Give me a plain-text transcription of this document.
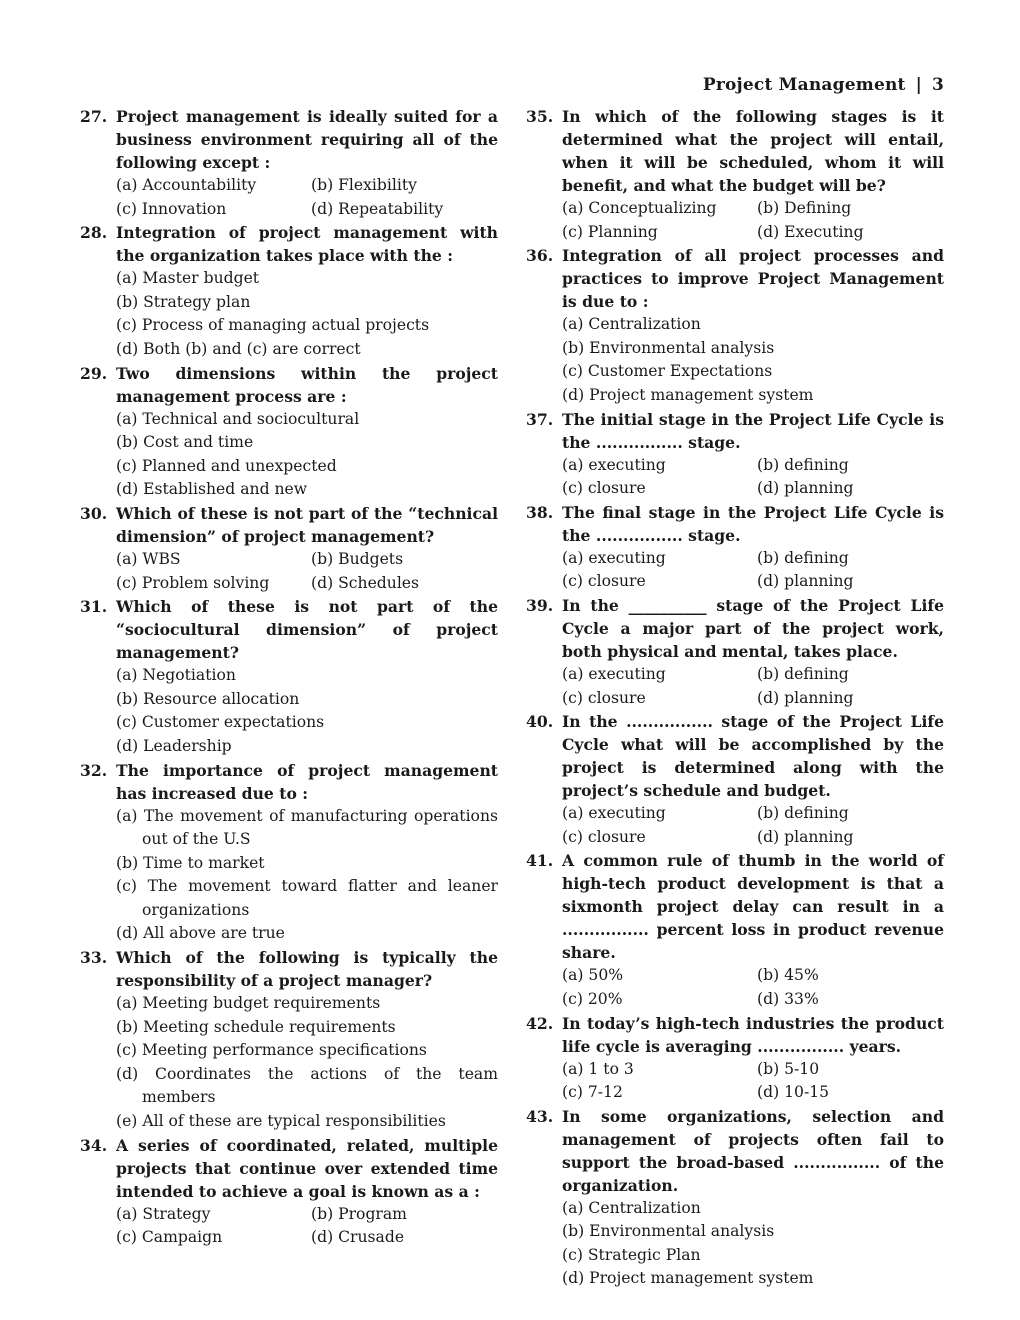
Project Management | 3
27. Project management is ideally suited for a business environment requiring all of the following except :
(a) Accountability	(b) Flexibility
(c) Innovation	(d) Repeatability
28. Integration of project management with the organization takes place with the :
(a) Master budget
(b) Strategy plan
(c) Process of managing actual projects
(d) Both (b) and (c) are correct
29. Two dimensions within the project management process are :
(a) Technical and sociocultural
(b) Cost and time
(c) Planned and unexpected
(d) Established and new
30. Which of these is not part of the “technical dimension” of project management?
(a) WBS	(b) Budgets
(c) Problem solving	(d) Schedules
31. Which of these is not part of the “sociocultural dimension” of project management?
(a) Negotiation
(b) Resource allocation
(c) Customer expectations
(d) Leadership
32. The importance of project management has increased due to :
(a) The movement of manufacturing operations out of the U.S
(b) Time to market
(c) The movement toward flatter and leaner organizations
(d) All above are true
33. Which of the following is typically the responsibility of a project manager?
(a) Meeting budget requirements
(b) Meeting schedule requirements
(c) Meeting performance specifications
(d) Coordinates the actions of the team members
(e) All of these are typical responsibilities
34. A series of coordinated, related, multiple projects that continue over extended time intended to achieve a goal is known as a :
(a) Strategy	(b) Program
(c) Campaign	(d) Crusade
35. In which of the following stages is it determined what the project will entail, when it will be scheduled, whom it will benefit, and what the budget will be?
(a) Conceptualizing	(b) Defining
(c) Planning	(d) Executing
36. Integration of all project processes and practices to improve Project Management is due to :
(a) Centralization
(b) Environmental analysis
(c) Customer Expectations
(d) Project management system
37. The initial stage in the Project Life Cycle is the ................ stage.
(a) executing	(b) defining
(c) closure	(d) planning
38. The final stage in the Project Life Cycle is the ................ stage.
(a) executing	(b) defining
(c) closure	(d) planning
39. In the __________ stage of the Project Life Cycle a major part of the project work, both physical and mental, takes place.
(a) executing	(b) defining
(c) closure	(d) planning
40. In the ................ stage of the Project Life Cycle what will be accomplished by the project is determined along with the project’s schedule and budget.
(a) executing	(b) defining
(c) closure	(d) planning
41. A common rule of thumb in the world of high-tech product development is that a sixmonth project delay can result in a ................ percent loss in product revenue share.
(a) 50%	(b) 45%
(c) 20%	(d) 33%
42. In today’s high-tech industries the product life cycle is averaging ................ years.
(a) 1 to 3	(b) 5-10
(c) 7-12	(d) 10-15
43. In some organizations, selection and management of projects often fail to support the broad-based ................ of the organization.
(a) Centralization
(b) Environmental analysis
(c) Strategic Plan
(d) Project management system
